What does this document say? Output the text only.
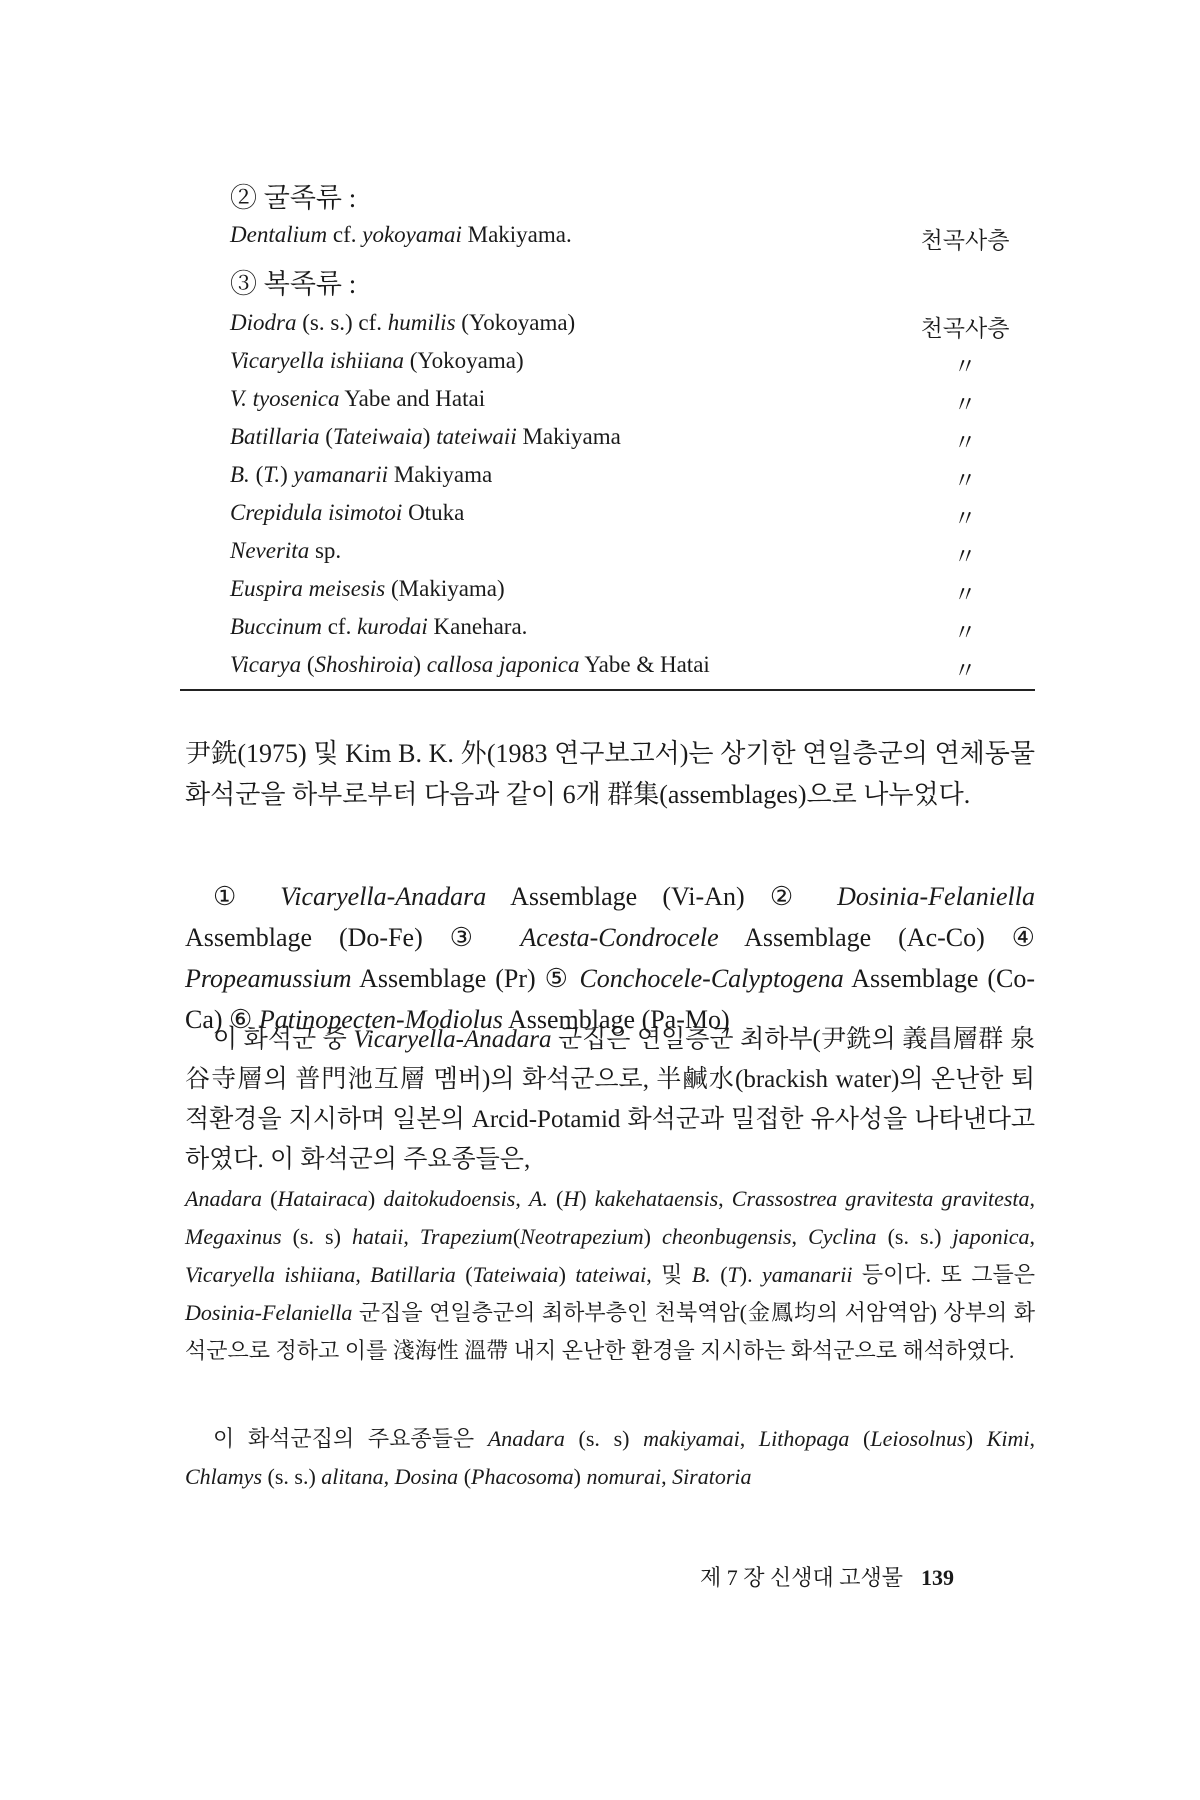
② 굴족류 :
Dentalium cf. yokoyamai Makiyama.	천곡사층
③ 복족류 :
Diodra (s. s.) cf. humilis (Yokoyama)	천곡사층
Vicaryella ishiiana (Yokoyama)	〃
V. tyosenica Yabe and Hatai	〃
Batillaria (Tateiwaia) tateiwaii Makiyama	〃
B. (T.) yamanarii Makiyama	〃
Crepidula isimotoi Otuka	〃
Neverita sp.	〃
Euspira meisesis (Makiyama)	〃
Buccinum cf. kurodai Kanehara.	〃
Vicarya (Shoshiroia) callosa japonica Yabe & Hatai	〃
尹銑(1975) 및 Kim B. K. 外(1983 연구보고서)는 상기한 연일층군의 연체동물 화석군을 하부로부터 다음과 같이 6개 群集(assemblages)으로 나누었다.
① Vicaryella-Anadara Assemblage (Vi-An) ② Dosinia-Felaniella Assemblage (Do-Fe) ③ Acesta-Condrocele Assemblage (Ac-Co) ④ Propeamussium Assemblage (Pr) ⑤ Conchocele-Calyptogena Assemblage (Co-Ca) ⑥ Patinopecten-Modiolus Assemblage (Pa-Mo)
이 화석군 중 Vicaryella-Anadara 군집은 연일층군 최하부(尹銑의 義昌層群 泉谷寺層의 普門池互層 멤버)의 화석군으로, 半鹹水(brackish water)의 온난한 퇴적환경을 지시하며 일본의 Arcid-Potamid 화석군과 밀접한 유사성을 나타낸다고 하였다. 이 화석군의 주요종들은,
Anadara (Hatairaca) daitokudoensis, A. (H) kakehataensis, Crassostrea gravitesta gravitesta, Megaxinus (s. s) hataii, Trapezium(Neotrapezium) cheonbugensis, Cyclina (s. s.) japonica, Vicaryella ishiiana, Batillaria (Tateiwaia) tateiwai, 및 B. (T). yamanarii 등이다. 또 그들은 Dosinia-Felaniella 군집을 연일층군의 최하부층인 천북역암(金鳳均의 서암역암) 상부의 화석군으로 정하고 이를 淺海性 溫帶 내지 온난한 환경을 지시하는 화석군으로 해석하였다.
이 화석군집의 주요종들은 Anadara (s. s) makiyamai, Lithopaga (Leiosolnus) Kimi, Chlamys (s. s.) alitana, Dosina (Phacosoma) nomurai, Siratoria
제 7 장 신생대 고생물 139
